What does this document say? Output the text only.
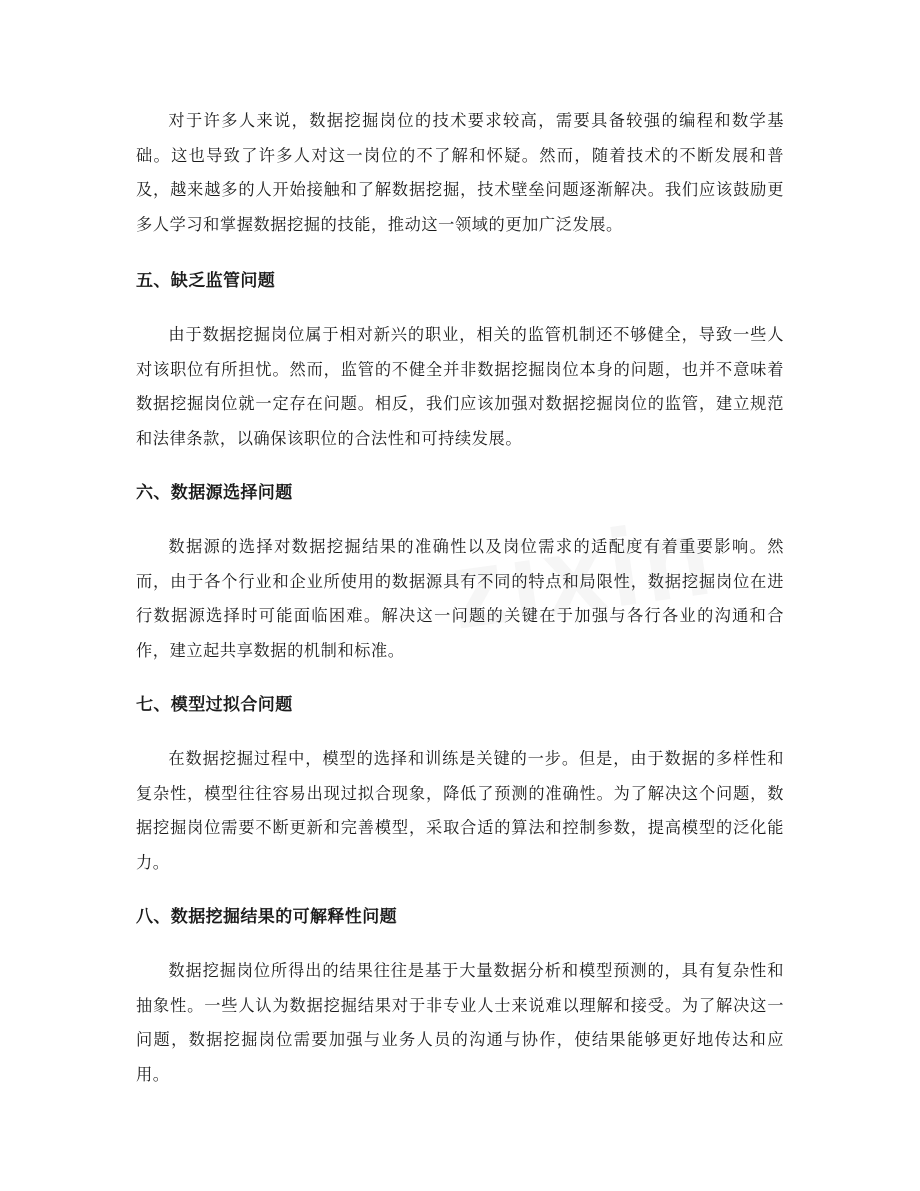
对于许多人来说，数据挖掘岗位的技术要求较高，需要具备较强的编程和数学基础。这也导致了许多人对这一岗位的不了解和怀疑。然而，随着技术的不断发展和普及，越来越多的人开始接触和了解数据挖掘，技术壁垒问题逐渐解决。我们应该鼓励更多人学习和掌握数据挖掘的技能，推动这一领域的更加广泛发展。

五、缺乏监管问题

由于数据挖掘岗位属于相对新兴的职业，相关的监管机制还不够健全，导致一些人对该职位有所担忧。然而，监管的不健全并非数据挖掘岗位本身的问题，也并不意味着数据挖掘岗位就一定存在问题。相反，我们应该加强对数据挖掘岗位的监管，建立规范和法律条款，以确保该职位的合法性和可持续发展。

六、数据源选择问题

数据源的选择对数据挖掘结果的准确性以及岗位需求的适配度有着重要影响。然而，由于各个行业和企业所使用的数据源具有不同的特点和局限性，数据挖掘岗位在进行数据源选择时可能面临困难。解决这一问题的关键在于加强与各行各业的沟通和合作，建立起共享数据的机制和标准。

七、模型过拟合问题

在数据挖掘过程中，模型的选择和训练是关键的一步。但是，由于数据的多样性和复杂性，模型往往容易出现过拟合现象，降低了预测的准确性。为了解决这个问题，数据挖掘岗位需要不断更新和完善模型，采取合适的算法和控制参数，提高模型的泛化能力。

八、数据挖掘结果的可解释性问题

数据挖掘岗位所得出的结果往往是基于大量数据分析和模型预测的，具有复杂性和抽象性。一些人认为数据挖掘结果对于非专业人士来说难以理解和接受。为了解决这一问题，数据挖掘岗位需要加强与业务人员的沟通与协作，使结果能够更好地传达和应用。
